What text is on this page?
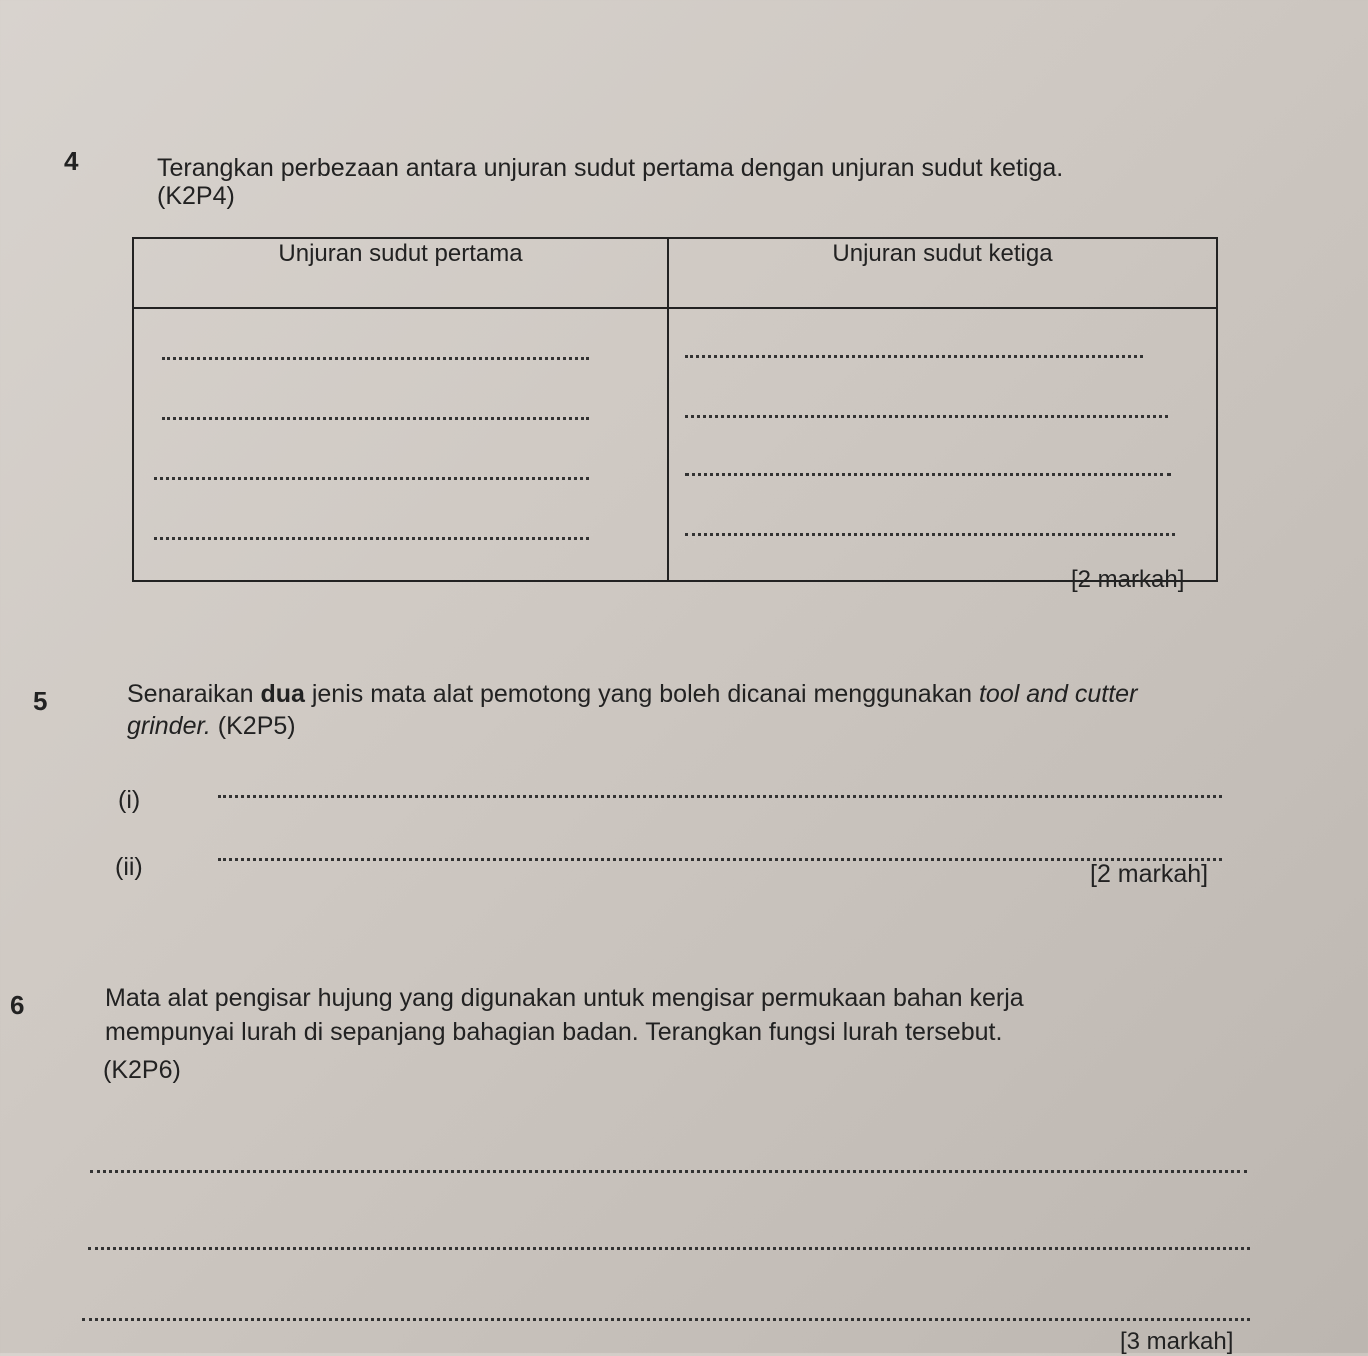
4	Terangkan perbezaan antara unjuran sudut pertama dengan unjuran sudut ketiga.
(K2P4)
Unjuran sudut pertama	Unjuran sudut ketiga

[2 markah]
5	Senaraikan dua jenis mata alat pemotong yang boleh dicanai menggunakan tool and cutter grinder. (K2P5)
(i)
(ii)	[2 markah]
6	Mata alat pengisar hujung yang digunakan untuk mengisar permukaan bahan kerja
mempunyai lurah di sepanjang bahagian badan. Terangkan fungsi lurah tersebut.
(K2P6)
[3 markah]
